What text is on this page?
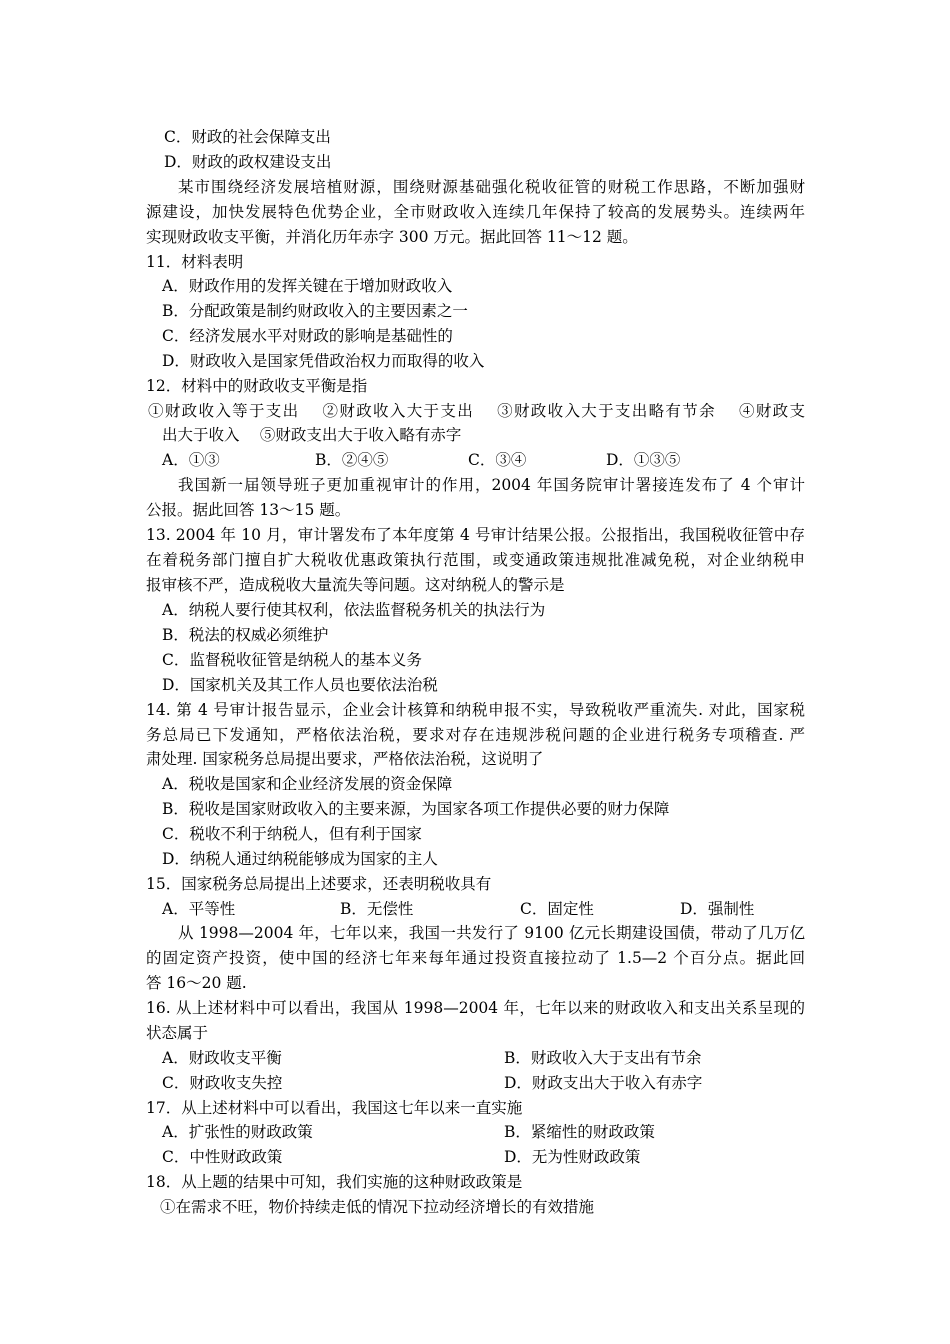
C．财政的社会保障支出
D．财政的政权建设支出
某市围绕经济发展培植财源，围绕财源基础强化税收征管的财税工作思路，不断加强财
源建设，加快发展特色优势企业，全市财政收入连续几年保持了较高的发展势头。连续两年
实现财政收支平衡，并消化历年赤字 300 万元。据此回答 11～12 题。
11．材料表明
A．财政作用的发挥关键在于增加财政收入
B．分配政策是制约财政收入的主要因素之一
C．经济发展水平对财政的影响是基础性的
D．财政收入是国家凭借政治权力而取得的收入
12．材料中的财政收支平衡是指
①财政收入等于支出　 ②财政收入大于支出　 ③财政收入大于支出略有节余　 ④财政支
出大于收入　 ⑤财政支出大于收入略有赤字
A．①③	B．②④⑤	C．③④	D．①③⑤
我国新一届领导班子更加重视审计的作用，2004 年国务院审计署接连发布了 4 个审计
公报。据此回答 13～15 题。
13. 2004 年 10 月，审计署发布了本年度第 4 号审计结果公报。公报指出，我国税收征管中存
在着税务部门擅自扩大税收优惠政策执行范围，或变通政策违规批准减免税，对企业纳税申
报审核不严，造成税收大量流失等问题。这对纳税人的警示是
A．纳税人要行使其权利，依法监督税务机关的执法行为
B．税法的权威必须维护
C．监督税收征管是纳税人的基本义务
D．国家机关及其工作人员也要依法治税
14. 第 4 号审计报告显示，企业会计核算和纳税申报不实，导致税收严重流失. 对此，国家税
务总局已下发通知，严格依法治税，要求对存在违规涉税问题的企业进行税务专项稽查. 严
肃处理. 国家税务总局提出要求，严格依法治税，这说明了
A．税收是国家和企业经济发展的资金保障
B．税收是国家财政收入的主要来源，为国家各项工作提供必要的财力保障
C．税收不利于纳税人，但有利于国家
D．纳税人通过纳税能够成为国家的主人
15．国家税务总局提出上述要求，还表明税收具有
A．平等性	B．无偿性	C．固定性	D．强制性
从 1998—2004 年，七年以来，我国一共发行了 9100 亿元长期建设国债，带动了几万亿
的固定资产投资，使中国的经济七年来每年通过投资直接拉动了 1.5—2 个百分点。据此回
答 16～20 题.
16. 从上述材料中可以看出，我国从 1998—2004 年，七年以来的财政收入和支出关系呈现的
状态属于
A．财政收支平衡	B．财政收入大于支出有节余
C．财政收支失控	D．财政支出大于收入有赤字
17．从上述材料中可以看出，我国这七年以来一直实施
A．扩张性的财政政策	B．紧缩性的财政政策
C．中性财政政策	D．无为性财政政策
18．从上题的结果中可知，我们实施的这种财政政策是
①在需求不旺，物价持续走低的情况下拉动经济增长的有效措施
